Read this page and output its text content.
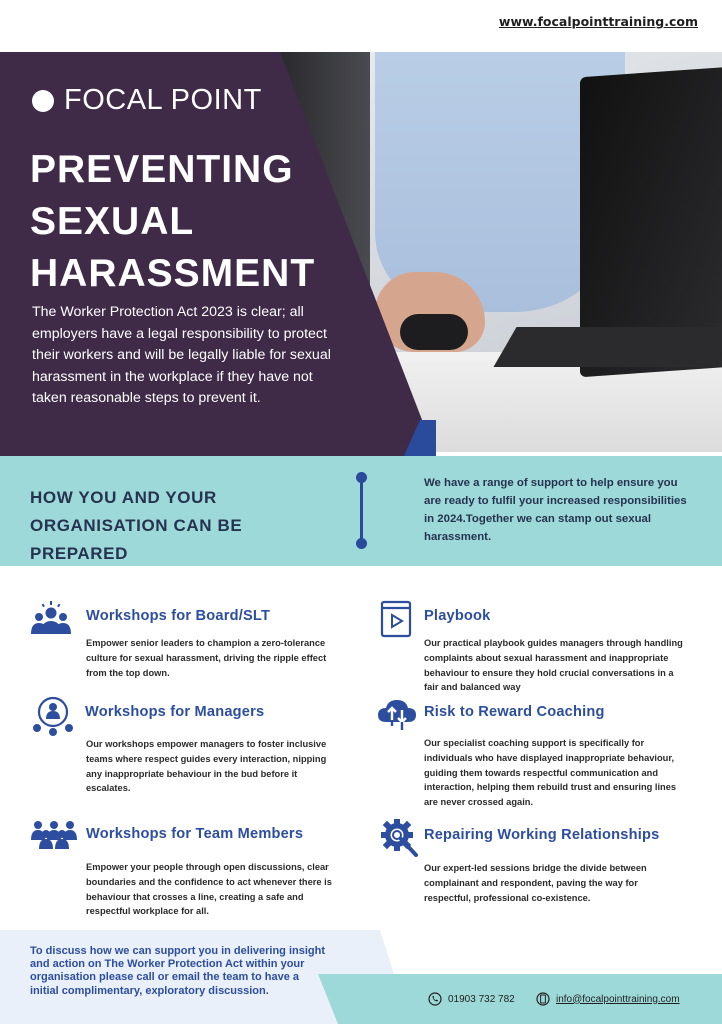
www.focalpointtraining.com
FOCAL POINT
PREVENTING
SEXUAL
HARASSMENT

The Worker Protection Act 2023 is clear; all employers have a legal responsibility to protect their workers and will be legally liable for sexual harassment in the workplace if they have not taken reasonable steps to prevent it.

HOW YOU AND YOUR
ORGANISATION CAN BE
PREPARED

We have a range of support to help ensure you are ready to fulfil your increased responsibilities in 2024.Together we can stamp out sexual harassment.

Workshops for Board/SLT

Empower senior leaders to champion a zero-tolerance culture for sexual harassment, driving the ripple effect from the top down.

Workshops for Managers

Our workshops empower managers to foster inclusive teams where respect guides every interaction, nipping any inappropriate behaviour in the bud before it escalates.

Workshops for Team Members

Empower your people through open discussions, clear boundaries and the confidence to act whenever there is behaviour that crosses a line, creating a safe and respectful workplace for all.

Playbook

Our practical playbook guides managers through handling complaints about sexual harassment and inappropriate behaviour to ensure they hold crucial conversations in a fair and balanced way

Risk to Reward Coaching

Our specialist coaching support is specifically for individuals who have displayed inappropriate behaviour, guiding them towards respectful communication and interaction, helping them rebuild trust and ensuring lines are never crossed again.

Repairing Working Relationships

Our expert-led sessions bridge the divide between complainant and respondent, paving the way for respectful, professional co-existence.

To discuss how we can support you in delivering insight and action on The Worker Protection Act within your organisation please call or email the team to have a initial complimentary, exploratory discussion.

01903 732 782	info@focalpointtraining.com
